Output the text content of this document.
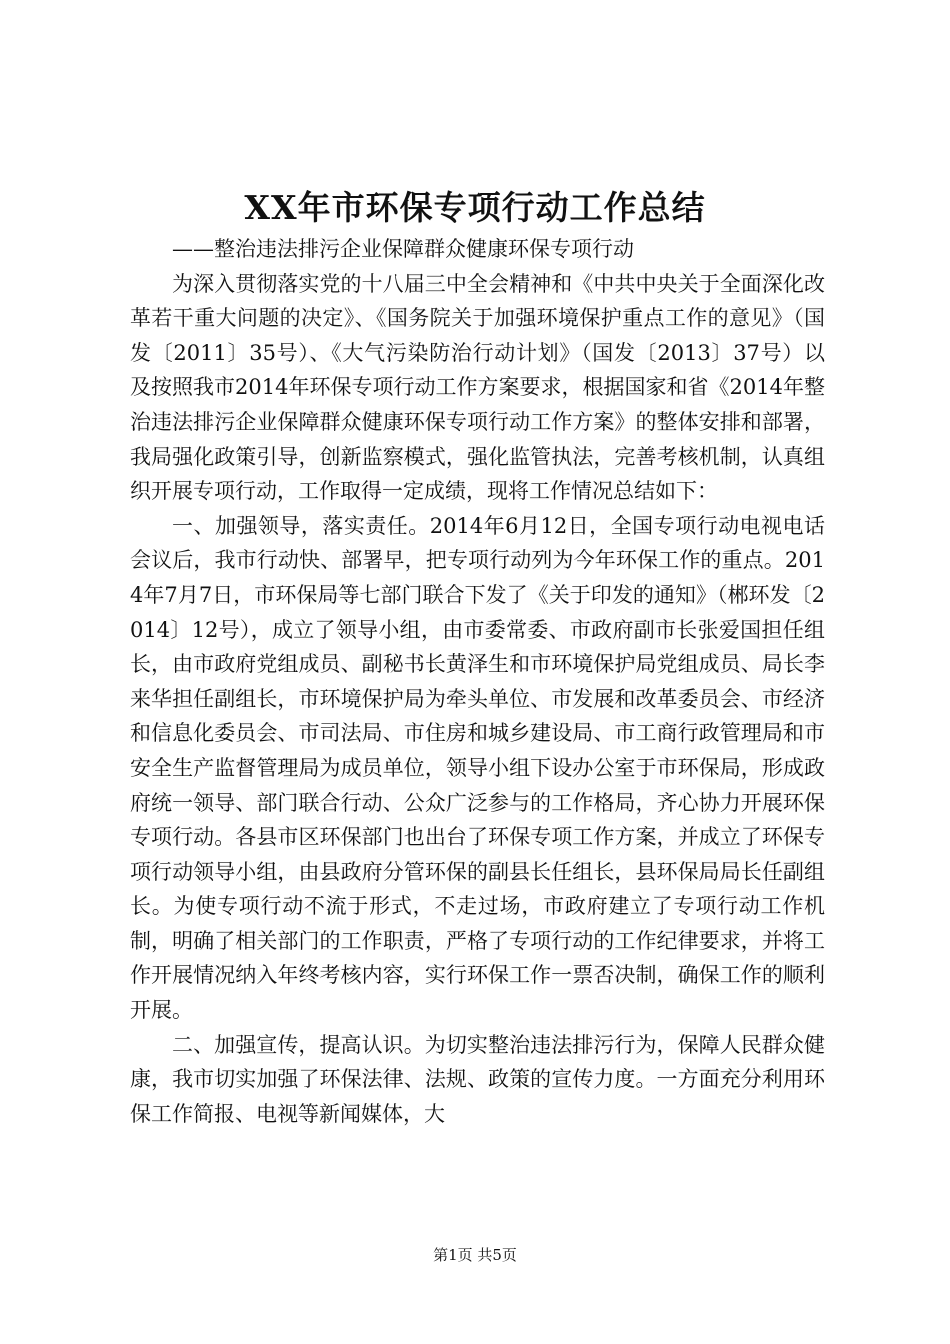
XX年市环保专项行动工作总结

——整治违法排污企业保障群众健康环保专项行动

为深入贯彻落实党的十八届三中全会精神和《中共中央关于全面深化改革若干重大问题的决定》、《国务院关于加强环境保护重点工作的意见》（国发〔2011〕35号）、《大气污染防治行动计划》（国发〔2013〕37号）以及按照我市2014年环保专项行动工作方案要求，根据国家和省《2014年整治违法排污企业保障群众健康环保专项行动工作方案》的整体安排和部署，我局强化政策引导，创新监察模式，强化监管执法，完善考核机制，认真组织开展专项行动，工作取得一定成绩，现将工作情况总结如下：

一、加强领导，落实责任。2014年6月12日，全国专项行动电视电话会议后，我市行动快、部署早，把专项行动列为今年环保工作的重点。2014年7月7日，市环保局等七部门联合下发了《关于印发的通知》（郴环发〔2014〕12号），成立了领导小组，由市委常委、市政府副市长张爱国担任组长，由市政府党组成员、副秘书长黄泽生和市环境保护局党组成员、局长李来华担任副组长，市环境保护局为牵头单位、市发展和改革委员会、市经济和信息化委员会、市司法局、市住房和城乡建设局、市工商行政管理局和市安全生产监督管理局为成员单位，领导小组下设办公室于市环保局，形成政府统一领导、部门联合行动、公众广泛参与的工作格局，齐心协力开展环保专项行动。各县市区环保部门也出台了环保专项工作方案，并成立了环保专项行动领导小组，由县政府分管环保的副县长任组长，县环保局局长任副组长。为使专项行动不流于形式，不走过场，市政府建立了专项行动工作机制，明确了相关部门的工作职责，严格了专项行动的工作纪律要求，并将工作开展情况纳入年终考核内容，实行环保工作一票否决制，确保工作的顺利开展。

二、加强宣传，提高认识。为切实整治违法排污行为，保障人民群众健康，我市切实加强了环保法律、法规、政策的宣传力度。一方面充分利用环保工作简报、电视等新闻媒体，大

第1页 共5页
